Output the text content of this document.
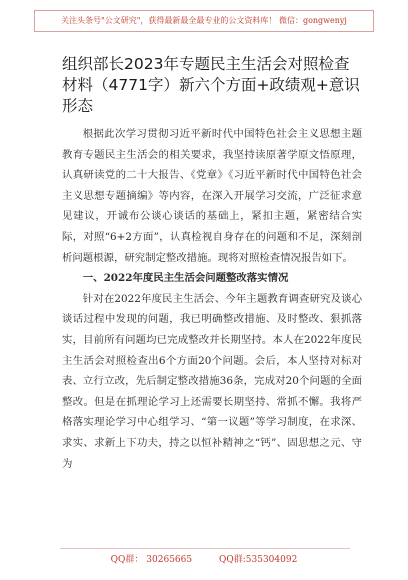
关注头条号"公文研究"，获得最新最全最专业的公文资料库！ 微信：gongwenyj
组织部长2023年专题民主生活会对照检查材料（4771字）新六个方面+政绩观+意识形态

根据此次学习贯彻习近平新时代中国特色社会主义思想主题教育专题民主生活会的相关要求，我坚持读原著学原文悟原理，认真研读党的二十大报告、《党章》《习近平新时代中国特色社会主义思想专题摘编》等内容，在深入开展学习交流，广泛征求意见建议，开诚布公谈心谈话的基础上，紧扣主题，紧密结合实际，对照“6+2方面”，认真检视自身存在的问题和不足，深刻剖析问题根源，研究制定整改措施。现将对照检查情况报告如下。

一、2022年度民主生活会问题整改落实情况

针对在2022年度民主生活会、今年主题教育调查研究及谈心谈话过程中发现的问题，我已明确整改措施、及时整改、狠抓落实，目前所有问题均已完成整改并长期坚持。本人在2022年度民主生活会对照检查出6个方面20个问题。会后，本人坚持对标对表、立行立改，先后制定整改措施36条，完成对20个问题的全面整改。但是在抓理论学习上还需要长期坚持、常抓不懈。我将严格落实理论学习中心组学习、“第一议题”等学习制度，在求深、求实、求新上下功夫，持之以恒补精神之“钙”、固思想之元、守为

QQ群： 30265665	QQ群:535304092
